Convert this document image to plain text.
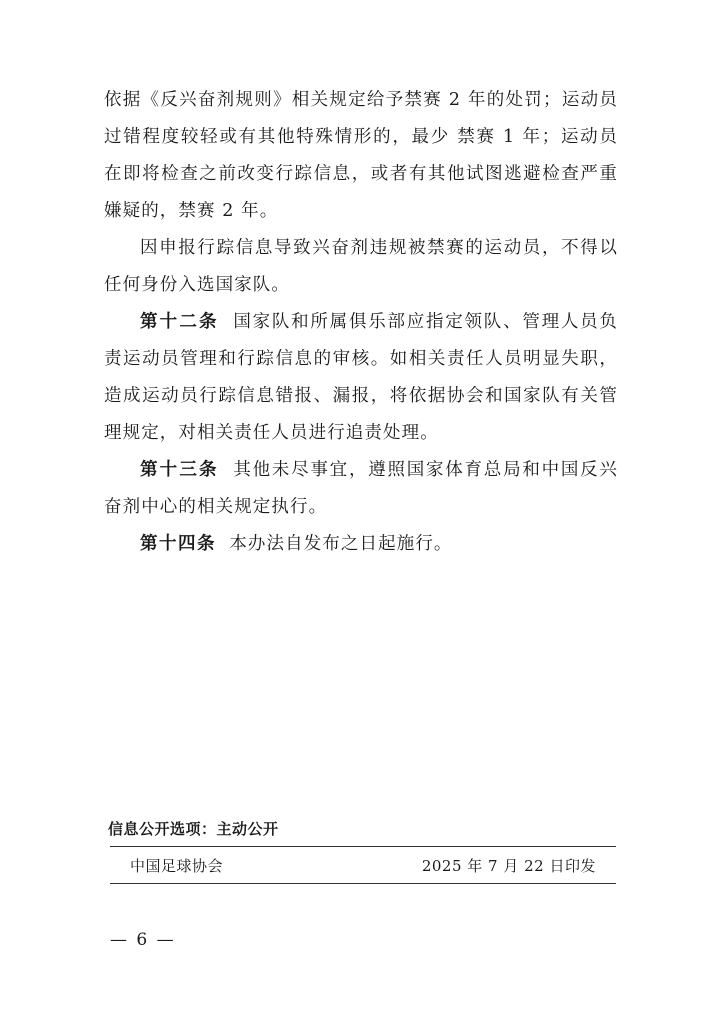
依据《反兴奋剂规则》相关规定给予禁赛 2 年的处罚；运动员过错程度较轻或有其他特殊情形的，最少 禁赛 1 年；运动员在即将检查之前改变行踪信息，或者有其他试图逃避检查严重嫌疑的，禁赛 2 年。

因申报行踪信息导致兴奋剂违规被禁赛的运动员，不得以任何身份入选国家队。

第十二条 国家队和所属俱乐部应指定领队、管理人员负责运动员管理和行踪信息的审核。如相关责任人员明显失职，造成运动员行踪信息错报、漏报，将依据协会和国家队有关管理规定，对相关责任人员进行追责处理。

第十三条 其他未尽事宜，遵照国家体育总局和中国反兴奋剂中心的相关规定执行。

第十四条 本办法自发布之日起施行。

信息公开选项：主动公开
中国足球协会	2025 年 7 月 22 日印发
— 6 —
